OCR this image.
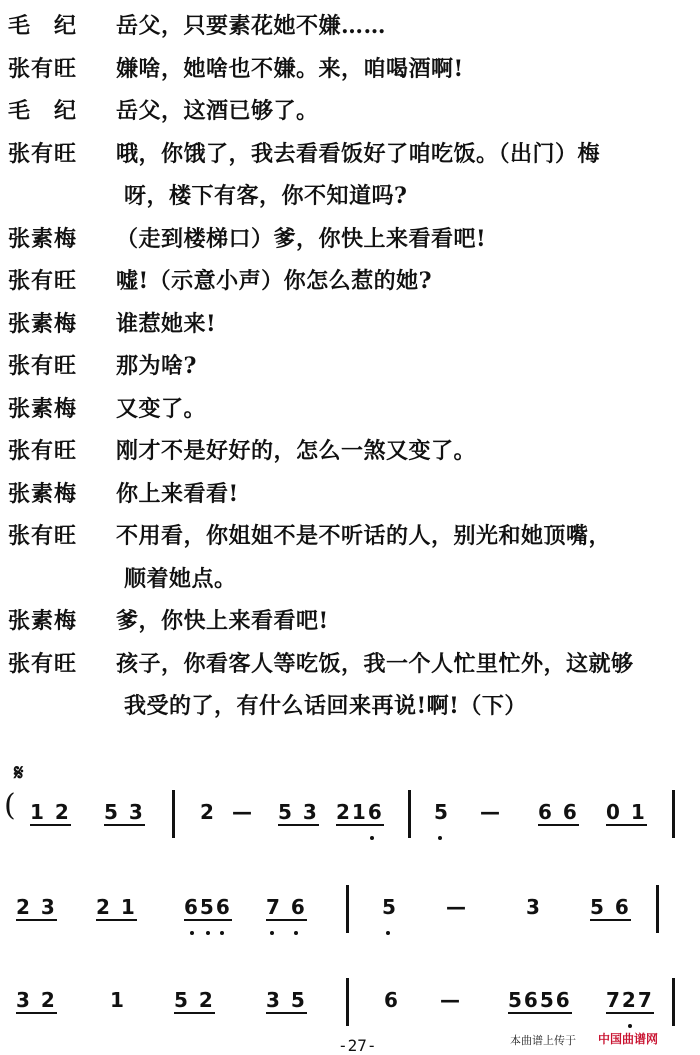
毛　纪	岳父，只要素花她不嫌……
张有旺	嫌啥，她啥也不嫌。来，咱喝酒啊!
毛　纪	岳父，这酒已够了。
张有旺	哦，你饿了，我去看看饭好了咱吃饭。（出门）梅
呀，楼下有客，你不知道吗?
张素梅	（走到楼梯口）爹，你快上来看看吧!
张有旺	嘘!（示意小声）你怎么惹的她?
张素梅	谁惹她来!
张有旺	那为啥?
张素梅	又变了。
张有旺	刚才不是好好的，怎么一煞又变了。
张素梅	你上来看看!
张有旺	不用看，你姐姐不是不听话的人，别光和她顶嘴，
顺着她点。
张素梅	爹，你快上来看看吧!
张有旺	孩子，你看客人等吃饭，我一个人忙里忙外，这就够
我受的了，有什么话回来再说!啊!（下）
𝄋
( 1 2 5 3	2 — 5 3 216	5 — 6 6 0 1
2 3 2 1 656 7 6	5 —	3 5 6
3 2	1 5 2	3 5	6 — 5656 727
-27-	本曲谱上传于 中国曲谱网
